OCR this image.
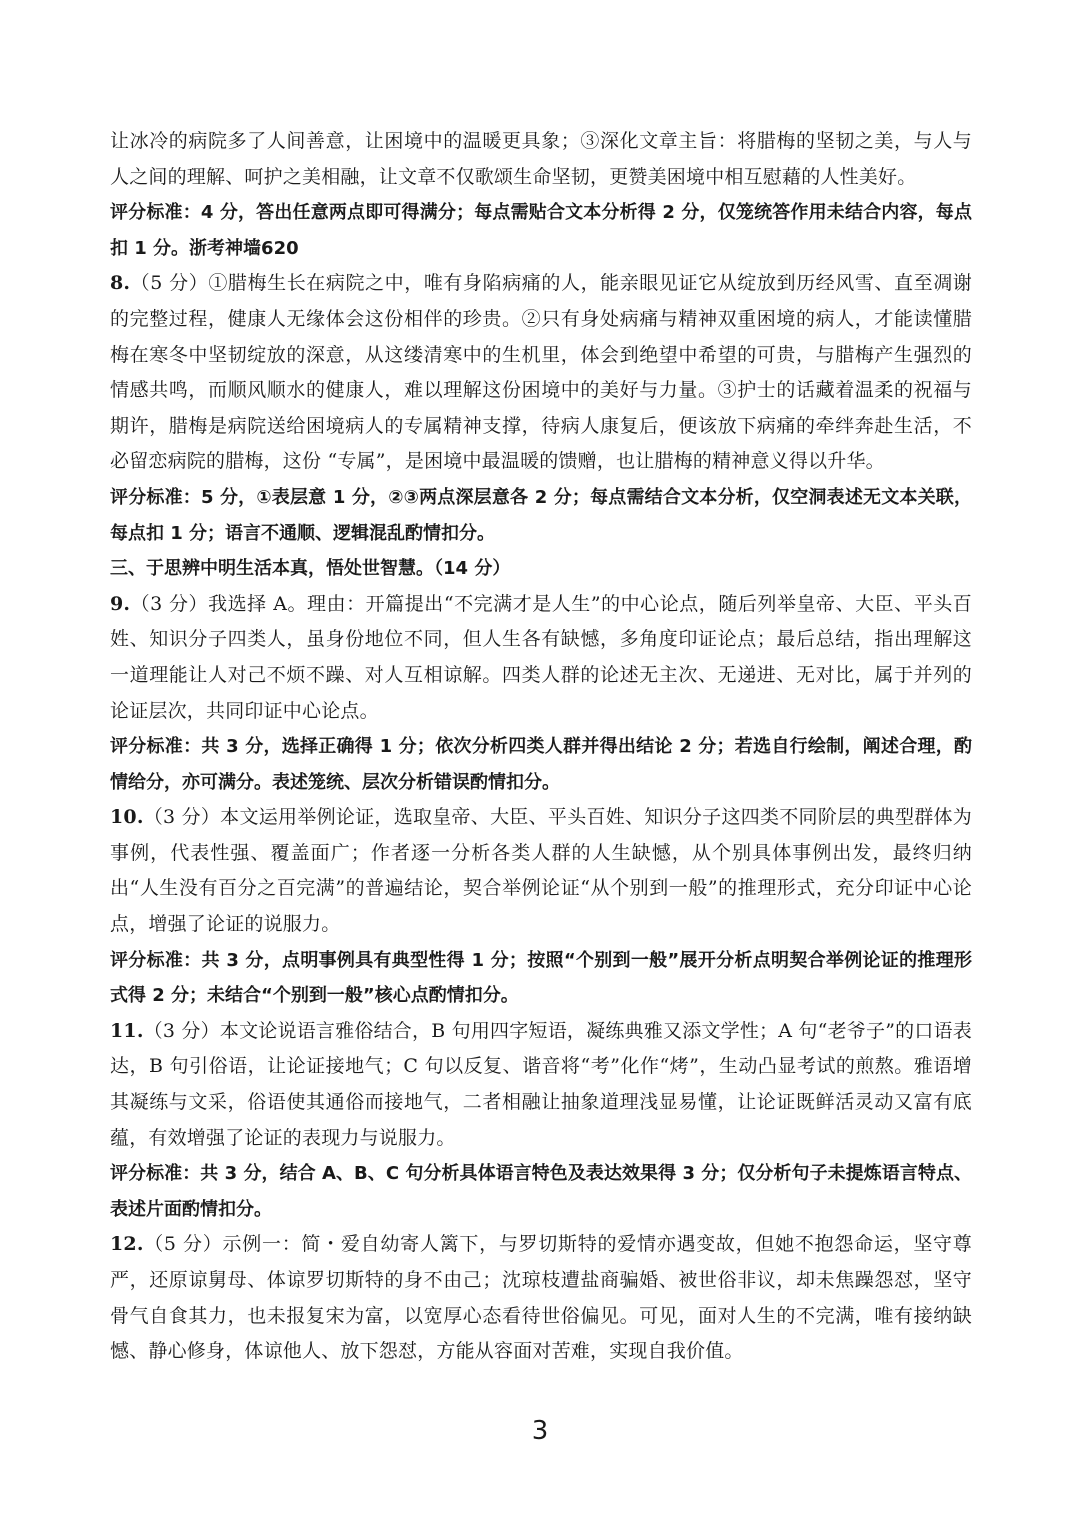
让冰冷的病院多了人间善意，让困境中的温暖更具象；③深化文章主旨：将腊梅的坚韧之美，与人与人之间的理解、呵护之美相融，让文章不仅歌颂生命坚韧，更赞美困境中相互慰藉的人性美好。

评分标准：4 分，答出任意两点即可得满分；每点需贴合文本分析得 2 分，仅笼统答作用未结合内容，每点扣 1 分。浙考神墙620

8.（5 分）①腊梅生长在病院之中，唯有身陷病痛的人，能亲眼见证它从绽放到历经风雪、直至凋谢的完整过程，健康人无缘体会这份相伴的珍贵。②只有身处病痛与精神双重困境的病人，才能读懂腊梅在寒冬中坚韧绽放的深意，从这缕清寒中的生机里，体会到绝望中希望的可贵，与腊梅产生强烈的情感共鸣，而顺风顺水的健康人，难以理解这份困境中的美好与力量。③护士的话藏着温柔的祝福与期许，腊梅是病院送给困境病人的专属精神支撑，待病人康复后，便该放下病痛的牵绊奔赴生活，不必留恋病院的腊梅，这份 “专属”，是困境中最温暖的馈赠，也让腊梅的精神意义得以升华。

评分标准：5 分，①表层意 1 分，②③两点深层意各 2 分；每点需结合文本分析，仅空洞表述无文本关联，每点扣 1 分；语言不通顺、逻辑混乱酌情扣分。

三、于思辨中明生活本真，悟处世智慧。（14 分）

9.（3 分）我选择 A。理由：开篇提出“不完满才是人生”的中心论点，随后列举皇帝、大臣、平头百姓、知识分子四类人，虽身份地位不同，但人生各有缺憾，多角度印证论点；最后总结，指出理解这一道理能让人对己不烦不躁、对人互相谅解。四类人群的论述无主次、无递进、无对比，属于并列的论证层次，共同印证中心论点。

评分标准：共 3 分，选择正确得 1 分；依次分析四类人群并得出结论 2 分；若选自行绘制，阐述合理，酌情给分，亦可满分。表述笼统、层次分析错误酌情扣分。

10.（3 分）本文运用举例论证，选取皇帝、大臣、平头百姓、知识分子这四类不同阶层的典型群体为事例，代表性强、覆盖面广；作者逐一分析各类人群的人生缺憾，从个别具体事例出发，最终归纳出“人生没有百分之百完满”的普遍结论，契合举例论证“从个别到一般”的推理形式，充分印证中心论点，增强了论证的说服力。

评分标准：共 3 分，点明事例具有典型性得 1 分；按照“个别到一般”展开分析点明契合举例论证的推理形式得 2 分；未结合“个别到一般”核心点酌情扣分。

11.（3 分）本文论说语言雅俗结合，B 句用四字短语，凝练典雅又添文学性；A 句“老爷子”的口语表达，B 句引俗语，让论证接地气；C 句以反复、谐音将“考”化作“烤”，生动凸显考试的煎熬。雅语增其凝练与文采，俗语使其通俗而接地气，二者相融让抽象道理浅显易懂，让论证既鲜活灵动又富有底蕴，有效增强了论证的表现力与说服力。

评分标准：共 3 分，结合 A、B、C 句分析具体语言特色及表达效果得 3 分；仅分析句子未提炼语言特点、表述片面酌情扣分。

12.（5 分）示例一：简・爱自幼寄人篱下，与罗切斯特的爱情亦遇变故，但她不抱怨命运，坚守尊严，还原谅舅母、体谅罗切斯特的身不由己；沈琼枝遭盐商骗婚、被世俗非议，却未焦躁怨怼，坚守骨气自食其力，也未报复宋为富，以宽厚心态看待世俗偏见。可见，面对人生的不完满，唯有接纳缺憾、静心修身，体谅他人、放下怨怼，方能从容面对苦难，实现自我价值。

3
